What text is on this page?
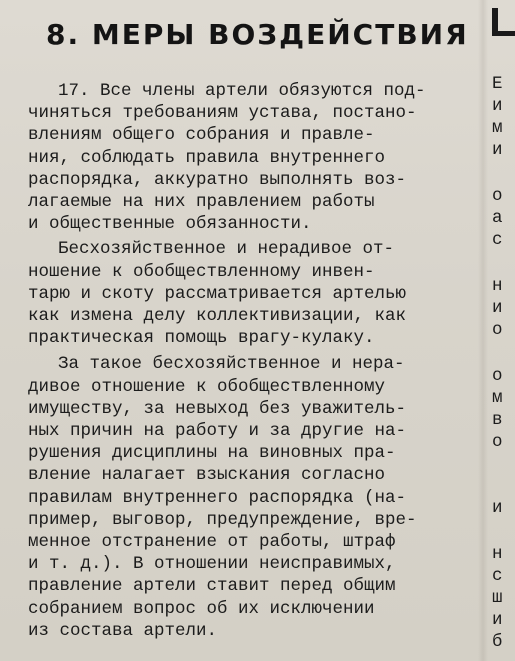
8. МЕРЫ ВОЗДЕЙСТВИЯ

17. Все члены артели обязуются под-
чиняться требованиям устава, постано-
влениям общего собрания и правле-
ния, соблюдать правила внутреннего
распорядка, аккуратно выполнять воз-
лагаемые на них правлением работы
и общественные обязанности.

Бесхозяйственное и нерадивое от-
ношение к обобществленному инвен-
тарю и скоту рассматривается артелью
как измена делу коллективизации, как
практическая помощь врагу-кулаку.

За такое бесхозяйственное и нера-
дивое отношение к обобществленному
имуществу, за невыход без уважитель-
ных причин на работу и за другие на-
рушения дисциплины на виновных пра-
вление налагает взыскания согласно
правилам внутреннего распорядка (на-
пример, выговор, предупреждение, вре-
менное отстранение от работы, штраф
и т. д.). В отношении неисправимых,
правление артели ставит перед общим
собранием вопрос об их исключении
из состава артели.

Е
и
м
и
о
а
с
н
и
о
о
м
в
о
и
н
с
ш
и
б
